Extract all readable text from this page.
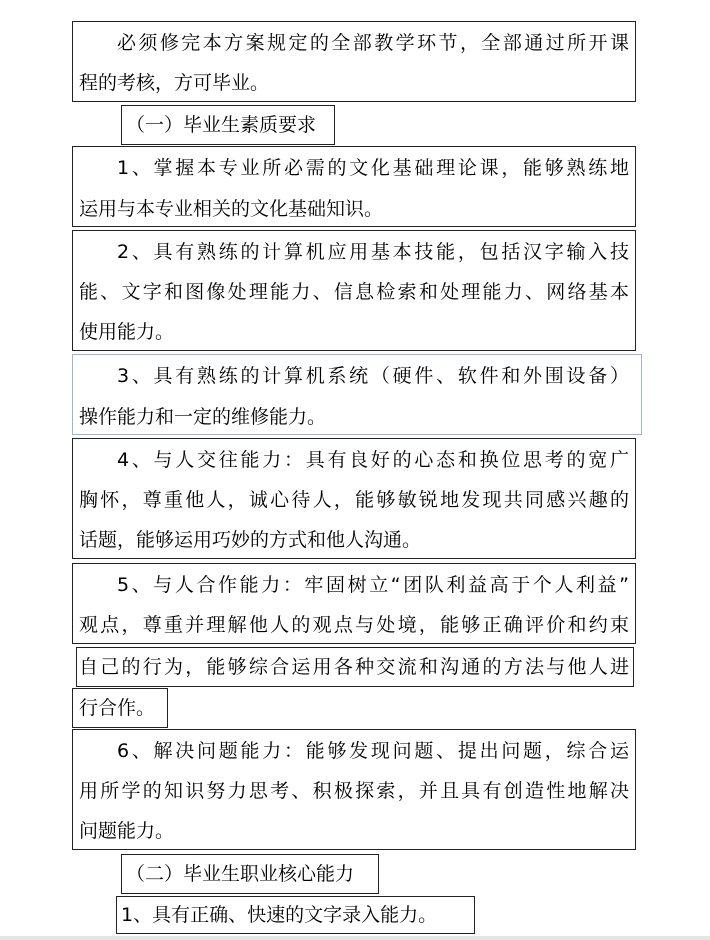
必须修完本方案规定的全部教学环节，全部通过所开课
程的考核，方可毕业。
（一）毕业生素质要求
1、掌握本专业所必需的文化基础理论课，能够熟练地
运用与本专业相关的文化基础知识。
2、具有熟练的计算机应用基本技能，包括汉字输入技
能、文字和图像处理能力、信息检索和处理能力、网络基本
使用能力。
3、具有熟练的计算机系统（硬件、软件和外围设备）
操作能力和一定的维修能力。
4、与人交往能力：具有良好的心态和换位思考的宽广
胸怀，尊重他人，诚心待人，能够敏锐地发现共同感兴趣的
话题，能够运用巧妙的方式和他人沟通。
5、与人合作能力：牢固树立“团队利益高于个人利益”
观点，尊重并理解他人的观点与处境，能够正确评价和约束
自己的行为，能够综合运用各种交流和沟通的方法与他人进
行合作。
6、解决问题能力：能够发现问题、提出问题，综合运
用所学的知识努力思考、积极探索，并且具有创造性地解决
问题能力。
（二）毕业生职业核心能力
1、具有正确、快速的文字录入能力。
